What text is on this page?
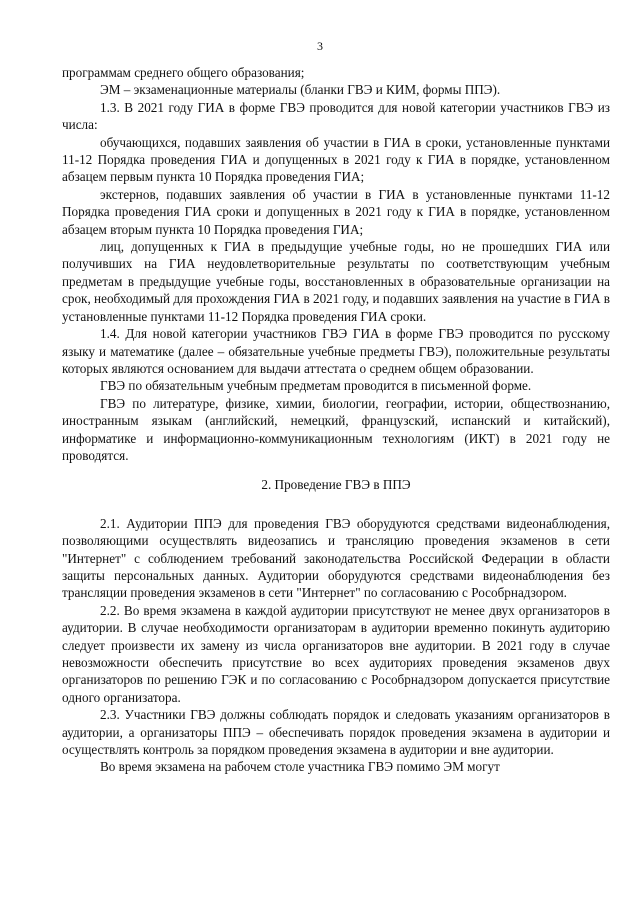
3

программам среднего общего образования;

ЭМ – экзаменационные материалы (бланки ГВЭ и КИМ, формы ППЭ).

1.3. В 2021 году ГИА в форме ГВЭ проводится для новой категории участников ГВЭ из числа:

обучающихся, подавших заявления об участии в ГИА в сроки, установленные пунктами 11-12 Порядка проведения ГИА и допущенных в 2021 году к ГИА в порядке, установленном абзацем первым пункта 10 Порядка проведения ГИА;

экстернов, подавших заявления об участии в ГИА в установленные пунктами 11-12 Порядка проведения ГИА сроки и допущенных в 2021 году к ГИА в порядке, установленном абзацем вторым пункта 10 Порядка проведения ГИА;

лиц, допущенных к ГИА в предыдущие учебные годы, но не прошедших ГИА или получивших на ГИА неудовлетворительные результаты по соответствующим учебным предметам в предыдущие учебные годы, восстановленных в образовательные организации на срок, необходимый для прохождения ГИА в 2021 году, и подавших заявления на участие в ГИА в установленные пунктами 11-12 Порядка проведения ГИА сроки.

1.4. Для новой категории участников ГВЭ ГИА в форме ГВЭ проводится по русскому языку и математике (далее – обязательные учебные предметы ГВЭ), положительные результаты которых являются основанием для выдачи аттестата о среднем общем образовании.

ГВЭ по обязательным учебным предметам проводится в письменной форме.

ГВЭ по литературе, физике, химии, биологии, географии, истории, обществознанию, иностранным языкам (английский, немецкий, французский, испанский и китайский), информатике и информационно-коммуникационным технологиям (ИКТ) в 2021 году не проводятся.

2. Проведение ГВЭ в ППЭ

2.1. Аудитории ППЭ для проведения ГВЭ оборудуются средствами видеонаблюдения, позволяющими осуществлять видеозапись и трансляцию проведения экзаменов в сети "Интернет" с соблюдением требований законодательства Российской Федерации в области защиты персональных данных. Аудитории оборудуются средствами видеонаблюдения без трансляции проведения экзаменов в сети "Интернет" по согласованию с Рособрнадзором.

2.2. Во время экзамена в каждой аудитории присутствуют не менее двух организаторов в аудитории. В случае необходимости организаторам в аудитории временно покинуть аудиторию следует произвести их замену из числа организаторов вне аудитории. В 2021 году в случае невозможности обеспечить присутствие во всех аудиториях проведения экзаменов двух организаторов по решению ГЭК и по согласованию с Рособрнадзором допускается присутствие одного организатора.

2.3. Участники ГВЭ должны соблюдать порядок и следовать указаниям организаторов в аудитории, а организаторы ППЭ – обеспечивать порядок проведения экзамена в аудитории и осуществлять контроль за порядком проведения экзамена в аудитории и вне аудитории.

Во время экзамена на рабочем столе участника ГВЭ помимо ЭМ могут
